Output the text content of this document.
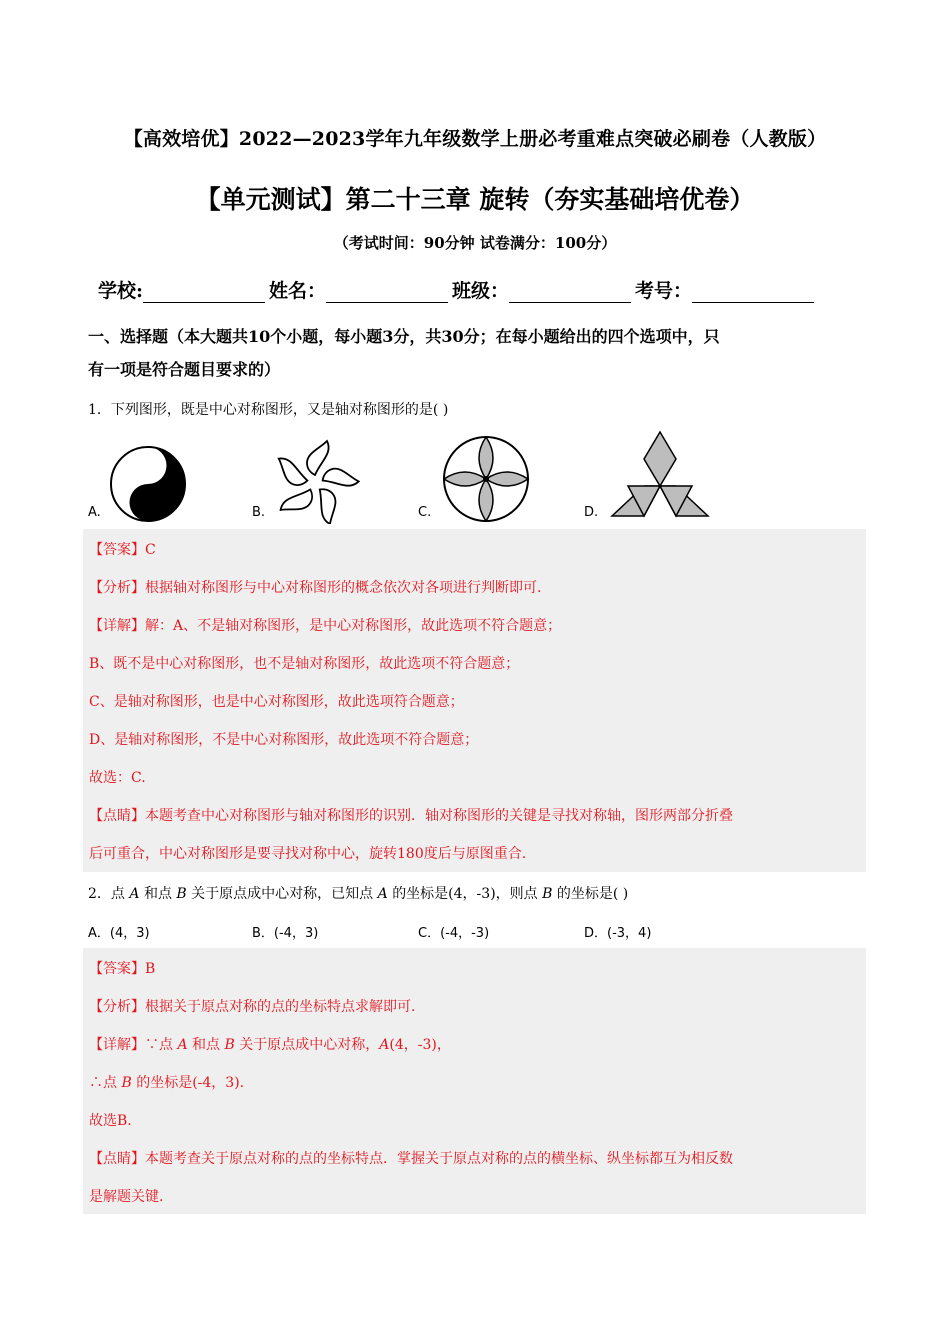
【高效培优】2022—2023学年九年级数学上册必考重难点突破必刷卷（人教版）
【单元测试】第二十三章 旋转（夯实基础培优卷）
（考试时间：90分钟 试卷满分：100分）
学校:	姓名：	班级：	考号：
一、选择题（本大题共10个小题，每小题3分，共30分；在每小题给出的四个选项中，只
有一项是符合题目要求的）
1．下列图形，既是中心对称图形，又是轴对称图形的是( )
A.	B.	C.	D.
【答案】C
【分析】根据轴对称图形与中心对称图形的概念依次对各项进行判断即可.
【详解】解：A、不是轴对称图形，是中心对称图形，故此选项不符合题意；
B、既不是中心对称图形，也不是轴对称图形，故此选项不符合题意；
C、是轴对称图形，也是中心对称图形，故此选项符合题意；
D、是轴对称图形，不是中心对称图形，故此选项不符合题意；
故选：C.
【点睛】本题考查中心对称图形与轴对称图形的识别．轴对称图形的关键是寻找对称轴，图形两部分折叠
后可重合，中心对称图形是要寻找对称中心，旋转180度后与原图重合.
2．点 A 和点 B 关于原点成中心对称，已知点 A 的坐标是(4，-3)，则点 B 的坐标是( )
A．(4，3)	B．(-4，3)	C．(-4，-3)	D．(-3，4)
【答案】B
【分析】根据关于原点对称的点的坐标特点求解即可.
【详解】∵点 A 和点 B 关于原点成中心对称，A(4，-3)，
∴点 B 的坐标是(-4，3).
故选B.
【点睛】本题考查关于原点对称的点的坐标特点．掌握关于原点对称的点的横坐标、纵坐标都互为相反数
是解题关键.
